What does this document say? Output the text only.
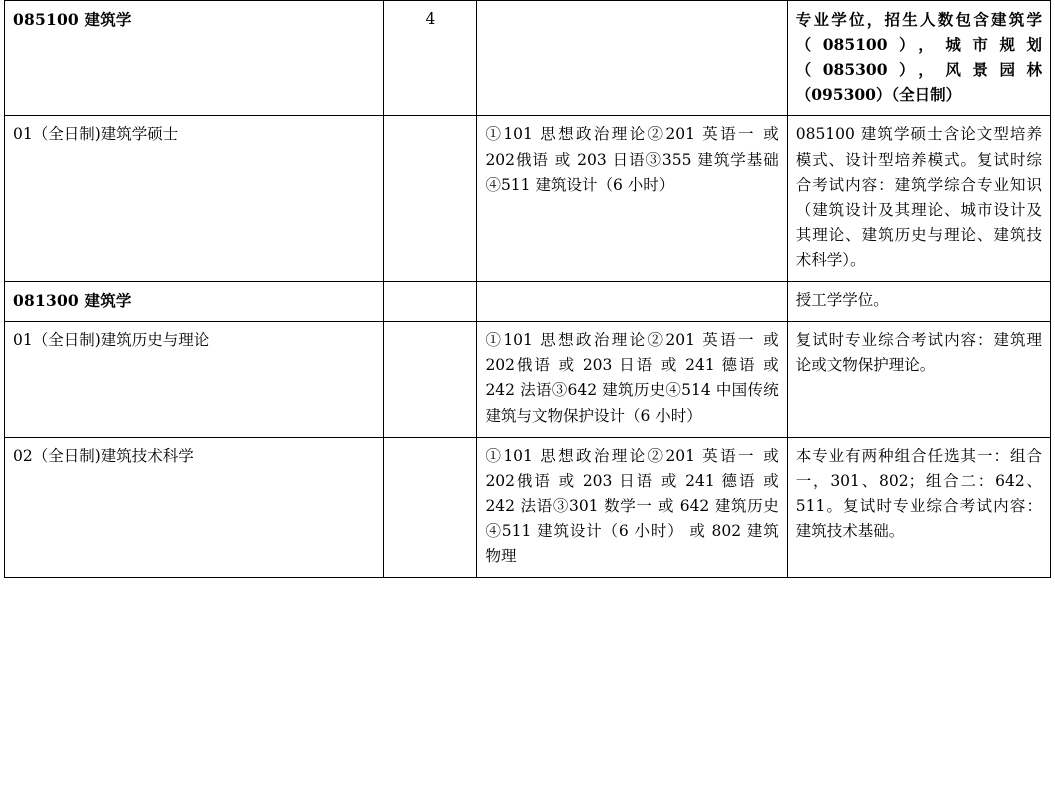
085100 建筑学	4		专业学位，招生人数包含建筑学（085100），城市规划（085300），风景园林（095300）（全日制）
01（全日制)建筑学硕士		①101 思想政治理论②201 英语一 或 202俄语 或 203 日语③355 建筑学基础④511 建筑设计（6 小时）	085100 建筑学硕士含论文型培养模式、设计型培养模式。复试时综合考试内容：建筑学综合专业知识（建筑设计及其理论、城市设计及其理论、建筑历史与理论、建筑技术科学）。
081300 建筑学			授工学学位。
01（全日制)建筑历史与理论		①101 思想政治理论②201 英语一 或 202俄语 或 203 日语 或 241 德语 或 242 法语③642 建筑历史④514 中国传统建筑与文物保护设计（6 小时）	复试时专业综合考试内容：建筑理论或文物保护理论。
02（全日制)建筑技术科学		①101 思想政治理论②201 英语一 或 202俄语 或 203 日语 或 241 德语 或 242 法语③301 数学一 或 642 建筑历史④511 建筑设计（6 小时） 或 802 建筑物理	本专业有两种组合任选其一：组合一，301、802；组合二：642、511。复试时专业综合考试内容：建筑技术基础。
